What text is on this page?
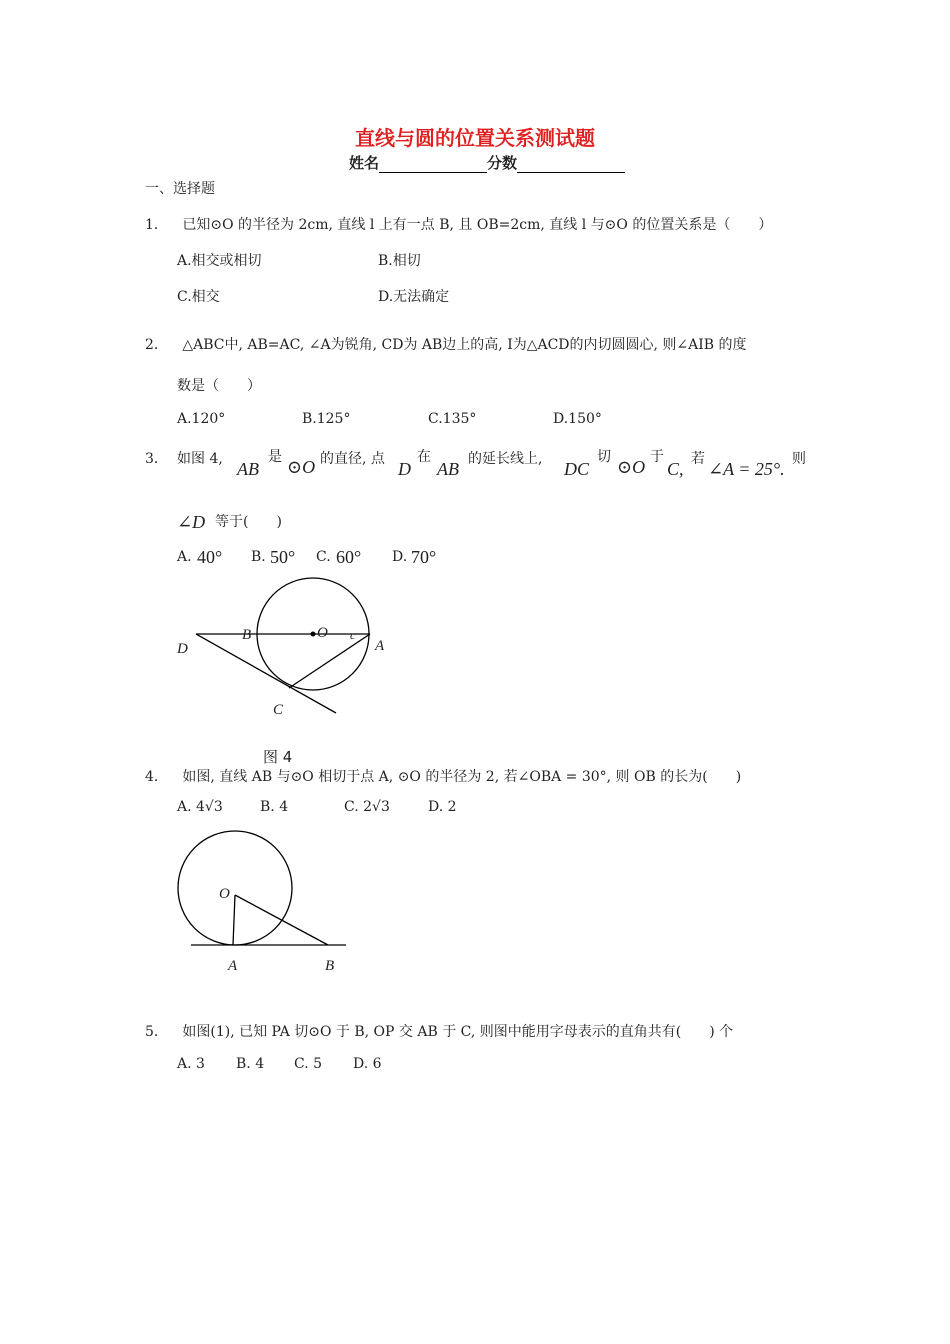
直线与圆的位置关系测试题
姓名	分数
一、选择题
1． 已知⊙O 的半径为 2cm, 直线 l 上有一点 B, 且 OB=2cm, 直线 l 与⊙O 的位置关系是（　　）
A.相交或相切	B.相切
C.相交	D.无法确定
2． △ABC中, AB=AC, ∠A为锐角, CD为 AB边上的高, I为△ACD的内切圆圆心, 则∠AIB 的度
数是（　　）
A.120°	B.125°	C.135°	D.150°
3． 如图 4, AB
是 ⊙O 的直径, 点 D
在
AB 的延长线上, DC
切 ⊙O 于
C, 若 ∠A = 25°. 则
∠D 等于(　　)
A. 40° B. 50° C. 60° D. 70°
D
B	O c
A
C
图 4
4． 如图, 直线 AB 与⊙O 相切于点 A, ⊙O 的半径为 2, 若∠OBA = 30°, 则 OB 的长为(　　)
A. 4√3	B. 4	C. 2√3	D. 2
O
A	B
5． 如图(1), 已知 PA 切⊙O 于 B, OP 交 AB 于 C, 则图中能用字母表示的直角共有(　　) 个
A. 3 B. 4 C. 5 D. 6
